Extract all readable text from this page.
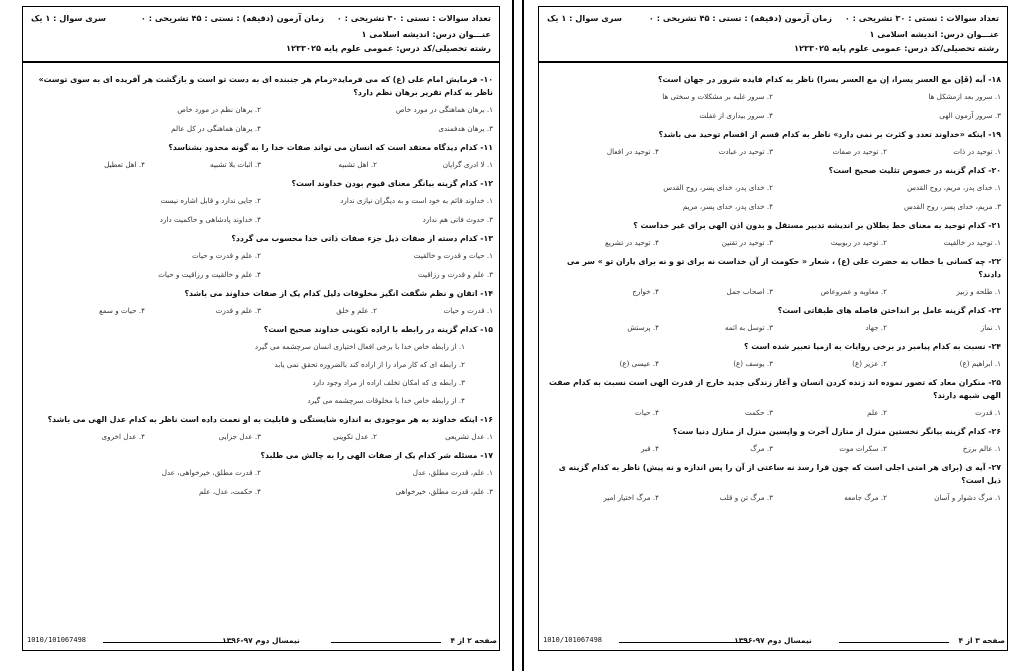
تعداد سوالات : تستی : ۳۰ تشریحی : ۰
زمان آزمون (دقیقه) : تستی : ۴۵ تشریحی : ۰
سری سوال : ۱ یک
عنـــوان درس: اندیشه اسلامی ۱
رشته تحصیلی/کد درس: عمومی علوم پایه ۱۲۳۳۰۲۵
۱۸- آیه (فَإن مع العسر یسرا، إن مع العسر یسرا) ناظر به کدام فایده شرور در جهان است؟
۱. سرور بعد ازمشکل ها
۲. سرور غلبه بر مشکلات و سختی ها
۳. سرور آزمون الهی
۴. سرور بیداری از غفلت
۱۹- اینکه «خداوند تعدد و کثرت بر نمی دارد» ناظر به کدام قسم از اقسام توحید می باشد؟
۱. توحید در ذات
۲. توحید در صفات
۳. توحید در عبادت
۴. توحید در افعال
۲۰- کدام گزینه در خصوص تثلیث صحیح است؟
۱. خدای پدر، مریم، روح القدس
۲. خدای پدر، خدای پسر، روح القدس
۳. مریم، خدای پسر، روح القدس
۴. خدای پدر، خدای پسر، مریم
۲۱- کدام توحید به معنای خط بطلان بر اندیشه تدبیر مستقل و بدون اذن الهی برای غیر خداست ؟
۱. توحید در خالقیت
۲. توحید در ربوبیت
۳. توحید در تقنین
۴. توحید در تشریع
۲۲- چه کسانی با خطاب به حضرت علی (ع) ، شعار « حکومت از آن خداست نه برای تو و نه برای یاران تو » سر می دادند؟
۱. طلحه و زبیر
۲. معاویه و عمروعاص
۳. اصحاب جمل
۴. خوارج
۲۳- کدام گزینه عامل بر انداختن فاصله های طبقاتی است؟
۱. نماز
۲. جهاد
۳. توسل به ائمه
۴. پرستش
۲۴- نسبت به کدام پیامبر در برخی روایات به ازمیا تعبیر شده است ؟
۱. ابراهیم (ع)
۲. عزیر (ع)
۳. یوسف (ع)
۴. عیسی (ع)
۲۵- منکران معاد که تصور نموده اند زنده کردن انسان و آغاز زندگی جدید خارج از قدرت الهی است نسبت به کدام صفت الهی شبهه دارند؟
۱. قدرت
۲. علم
۳. حکمت
۴. حیات
۲۶- کدام گزینه بیانگر نخستین منزل از منازل آخرت و واپسین منزل از منازل دنیا ست؟
۱. عالم برزخ
۲. سکرات موت
۳. مرگ
۴. قبر
۲۷- آیه ی (برای هر امتی اجلی است که چون فرا رسد نه ساعتی از آن را پس اندازه و نه پیش) ناظر به کدام گزینه ی ذیل است؟
۱. مرگ دشوار و آسان
۲. مرگ جامعه
۳. مرگ تن و قلب
۴. مرگ اختیار امیر
صفحه ۳ از ۴
نیمسال دوم ۹۷-۱۳۹۶
1010/101067498
تعداد سوالات : تستی : ۳۰ تشریحی : ۰
زمان آزمون (دقیقه) : تستی : ۴۵ تشریحی : ۰
سری سوال : ۱ یک
عنـــوان درس: اندیشه اسلامی ۱
رشته تحصیلی/کد درس: عمومی علوم پایه ۱۲۳۳۰۲۵
۱۰- فرمایش امام علی (ع) که می فرماید«زمام هر جنبنده ای به دست تو است و بازگشت هر آفریده ای به سوی توست» ناظر به کدام تقریر برهان نظم دارد؟
۱. برهان هماهنگی در مورد خاص
۲. برهان نظم در مورد خاص
۳. برهان هدفمندی
۴. برهان هماهنگی در کل عالم
۱۱- کدام دیدگاه معتقد است که انسان می تواند صفات خدا را به گونه محدود بشناسد؟
۱. لا ادری گرایان
۲. اهل تشبیه
۳. اثبات بلا تشبیه
۴. اهل تعطیل
۱۲- کدام گزینه بیانگر معنای قیوم بودن خداوند است؟
۱. خداوند قائم به خود است و به دیگران نیازی ندارد
۲. جایی ندارد و قابل اشاره نیست
۳. حدوث فانی هم ندارد
۴. خداوند پادشاهی و حاکمیت دارد
۱۳- کدام دسته از صفات ذیل جزء صفات ذاتی خدا محسوب می گردد؟
۱. حیات و قدرت و خالقیت
۲. علم و قدرت و حیات
۳. علم و قدرت و رزاقیت
۴. علم و خالقیت و رزاقیت و حیات
۱۴- اتقان و نظم شگفت انگیز مخلوقات دلیل کدام یک از صفات خداوند می باشد؟
۱. قدرت و حیات
۲. علم و خلق
۳. علم و قدرت
۴. حیات و سمع
۱۵- کدام گزینه در رابطه با اراده تکوینی خداوند صحیح است؟
۱. از رابطه خاص خدا با برخی افعال اختیاری انسان سرچشمه می گیرد
۲. رابطه ای که کار مراد را از اراده کند بالضروره تحقق نمی یابد
۳. رابطه ی که امکان تخلف اراده از مراد وجود دارد
۴. از رابطه خاص خدا با مخلوقات سرچشمه می گیرد
۱۶- اینکه خداوند به هر موجودی به اندازه شایستگی و قابلیت به او نعمت داده است ناظر به کدام عدل الهی می باشد؟
۱. عدل تشریعی
۲. عدل تکوینی
۳. عدل جزایی
۴. عدل اخروی
۱۷- مسئله شر کدام یک از صفات الهی را به چالش می طلبد؟
۱. علم، قدرت مطلق، عدل
۲. قدرت مطلق، خیرخواهی، عدل
۳. علم، قدرت مطلق، خیرخواهی
۴. حکمت، عدل، علم
صفحه ۲ از ۴
نیمسال دوم ۹۷-۱۳۹۶
1010/101067498
